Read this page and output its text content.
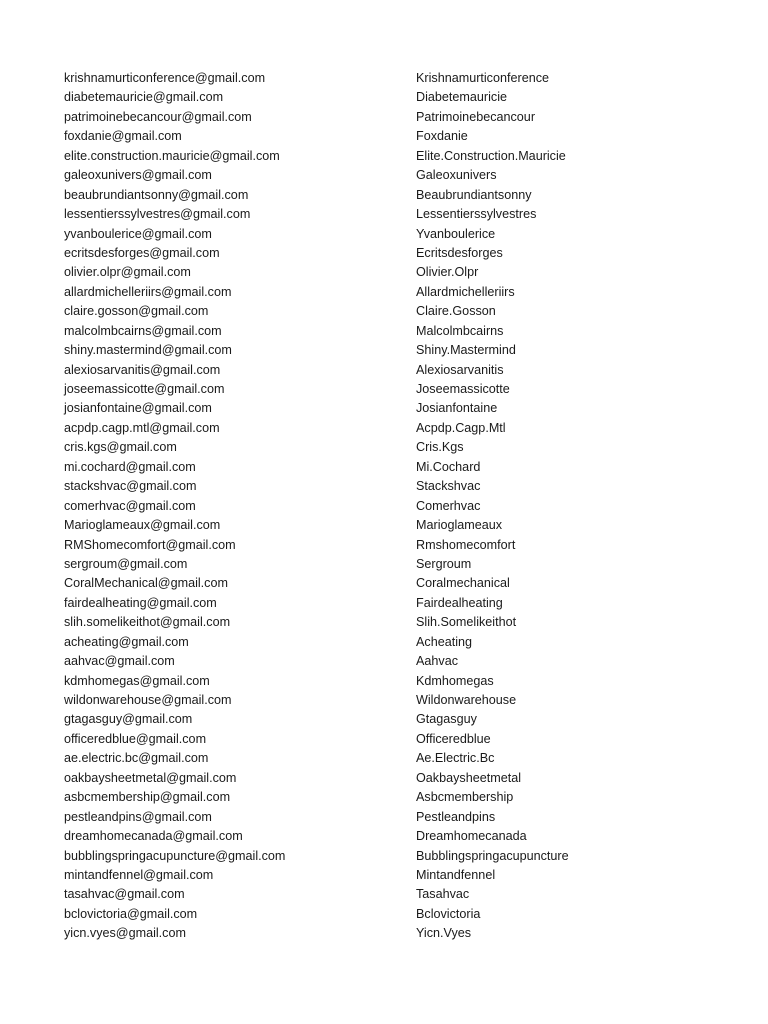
krishnamurticonference@gmail.com
diabetemauricie@gmail.com
patrimoinebecancour@gmail.com
foxdanie@gmail.com
elite.construction.mauricie@gmail.com
galeoxunivers@gmail.com
beaubrundiantsonny@gmail.com
lessentierssylvestres@gmail.com
yvanboulerice@gmail.com
ecritsdesforges@gmail.com
olivier.olpr@gmail.com
allardmichelleriirs@gmail.com
claire.gosson@gmail.com
malcolmbcairns@gmail.com
shiny.mastermind@gmail.com
alexiosarvanitis@gmail.com
joseemassicotte@gmail.com
josianfontaine@gmail.com
acpdp.cagp.mtl@gmail.com
cris.kgs@gmail.com
mi.cochard@gmail.com
stackshvac@gmail.com
comerhvac@gmail.com
Marioglameaux@gmail.com
RMShomecomfort@gmail.com
sergroum@gmail.com
CoralMechanical@gmail.com
fairdealheating@gmail.com
slih.somelikeithot@gmail.com
acheating@gmail.com
aahvac@gmail.com
kdmhomegas@gmail.com
wildonwarehouse@gmail.com
gtagasguy@gmail.com
officeredblue@gmail.com
ae.electric.bc@gmail.com
oakbaysheetmetal@gmail.com
asbcmembership@gmail.com
pestleandpins@gmail.com
dreamhomecanada@gmail.com
bubblingspringacupuncture@gmail.com
mintandfennel@gmail.com
tasahvac@gmail.com
bclovictoria@gmail.com
yicn.vyes@gmail.com
Krishnamurticonference
Diabetemauricie
Patrimoinebecancour
Foxdanie
Elite.Construction.Mauricie
Galeoxunivers
Beaubrundiantsonny
Lessentierssylvestres
Yvanboulerice
Ecritsdesforges
Olivier.Olpr
Allardmichelleriirs
Claire.Gosson
Malcolmbcairns
Shiny.Mastermind
Alexiosarvanitis
Joseemassicotte
Josianfontaine
Acpdp.Cagp.Mtl
Cris.Kgs
Mi.Cochard
Stackshvac
Comerhvac
Marioglameaux
Rmshomecomfort
Sergroum
Coralmechanical
Fairdealheating
Slih.Somelikeithot
Acheating
Aahvac
Kdmhomegas
Wildonwarehouse
Gtagasguy
Officeredblue
Ae.Electric.Bc
Oakbaysheetmetal
Asbcmembership
Pestleandpins
Dreamhomecanada
Bubblingspringacupuncture
Mintandfennel
Tasahvac
Bclovictoria
Yicn.Vyes
